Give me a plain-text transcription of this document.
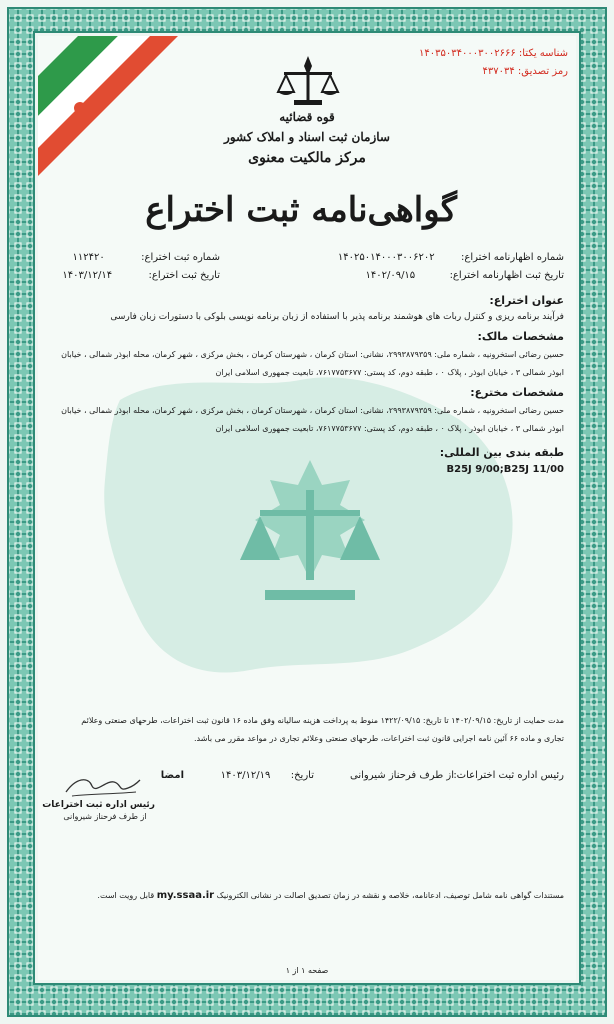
شناسه یکتا: ۱۴۰۳۵۰۳۴۰۰۰۳۰۰۲۶۶۶
رمز تصدیق: ۴۳۷۰۳۴
قوه قضائیه
سازمان ثبت اسناد و املاک کشور
مرکز مالکیت معنوی
گواهی‌نامه ثبت اختراع
شماره اظهارنامه اختراع:  ۱۴۰۲۵۰۱۴۰۰۰۳۰۰۶۲۰۲
شماره ثبت اختراع:  ۱۱۲۴۲۰
تاریخ ثبت اظهارنامه اختراع:  ۱۴۰۲/۰۹/۱۵
تاریخ ثبت اختراع:  ۱۴۰۳/۱۲/۱۴
عنوان اختراع:
فرآیند برنامه ریزی و کنترل ربات های هوشمند برنامه پذیر با استفاده از زبان برنامه نویسی بلوکی با دستورات زبان فارسی
مشخصات مالک:
حسین رضائی استخرونیه ، شماره ملی: ۲۹۹۳۸۷۹۳۵۹، نشانی: استان کرمان ، شهرستان کرمان ، بخش مرکزی ، شهر کرمان، محله ابوذر شمالی ، خیابان
ابوذر شمالی ۳ ، خیابان ابوذر ، پلاک ۰ ، طبقه دوم، کد پستی: ۷۶۱۷۷۵۳۶۷۷، تابعیت جمهوری اسلامی ایران
مشخصات مخترع:
حسین رضائی استخرونیه ، شماره ملی: ۲۹۹۳۸۷۹۳۵۹، نشانی: استان کرمان ، شهرستان کرمان ، بخش مرکزی ، شهر کرمان، محله ابوذر شمالی ، خیابان
ابوذر شمالی ۳ ، خیابان ابوذر ، پلاک ۰ ، طبقه دوم، کد پستی: ۷۶۱۷۷۵۳۶۷۷، تابعیت جمهوری اسلامی ایران
طبقه بندی بین المللی:
B25J 9/00;B25J 11/00
مدت حمایت از تاریخ: ۱۴۰۲/۰۹/۱۵ تا تاریخ: ۱۴۲۲/۰۹/۱۵ منوط به پرداخت هزینه سالیانه وفق ماده ۱۶ قانون ثبت اختراعات، طرحهای صنعتی وعلائم
تجاری و ماده ۶۶ آئین نامه اجرایی قانون ثبت اختراعات، طرحهای صنعتی وعلائم تجاری در مواعد مقرر می باشد.
رئیس اداره ثبت اختراعات:
از طرف فرحناز شیروانی
تاریخ:  ۱۴۰۳/۱۲/۱۹
امضا
رئیس اداره ثبت اختراعات
از طرف فرحناز شیروانی
مستندات گواهی نامه شامل توصیف، ادعانامه، خلاصه و نقشه در زمان تصدیق اصالت در نشانی الکترونیک my.ssaa.ir قابل رویت است.
صفحه ۱ از ۱
